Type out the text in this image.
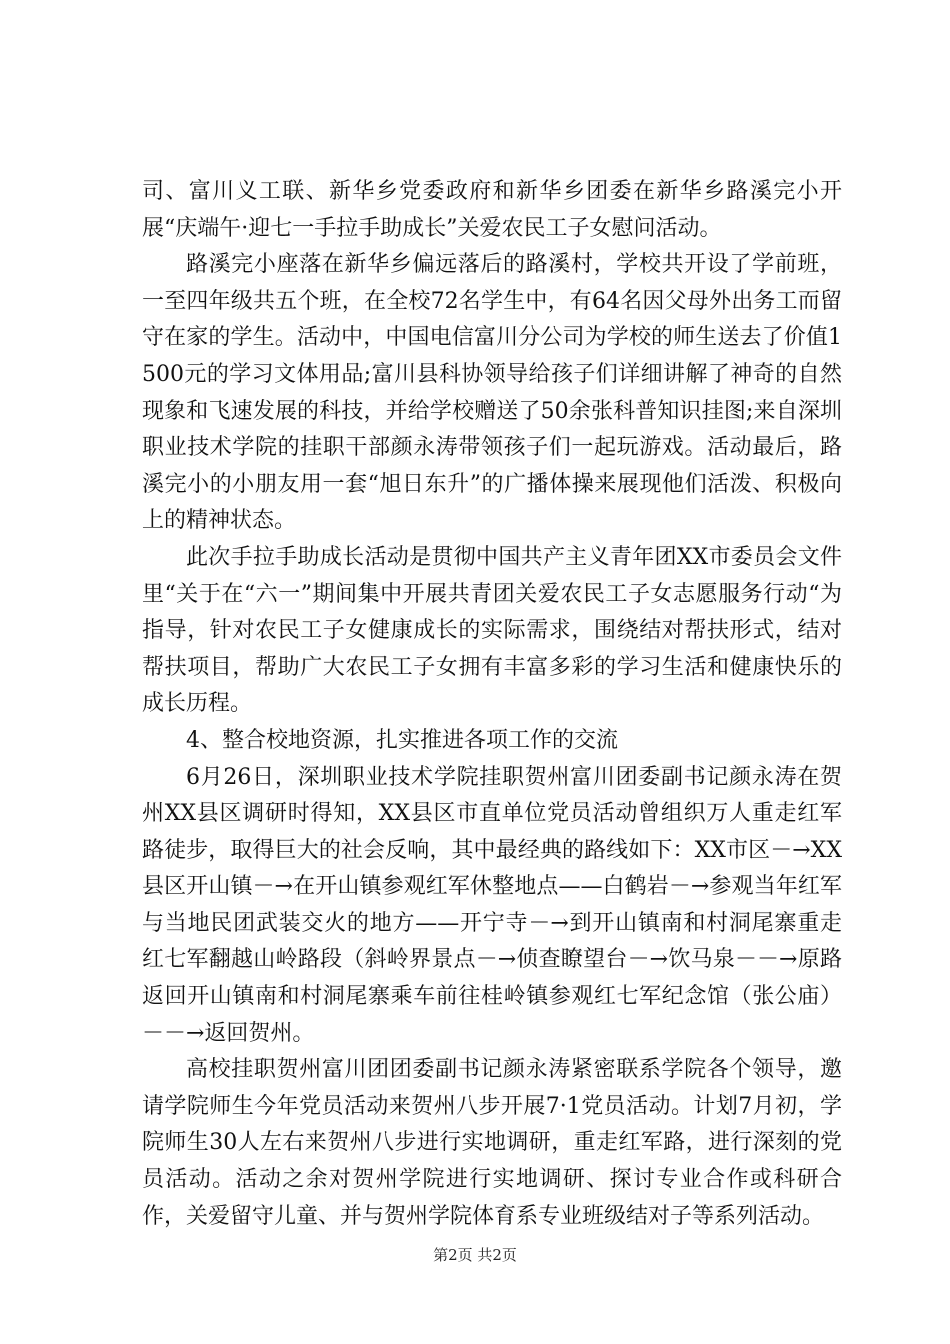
司、富川义工联、新华乡党委政府和新华乡团委在新华乡路溪完小开展“庆端午·迎七一手拉手助成长”关爱农民工子女慰问活动。

路溪完小座落在新华乡偏远落后的路溪村，学校共开设了学前班，一至四年级共五个班，在全校72名学生中，有64名因父母外出务工而留守在家的学生。活动中，中国电信富川分公司为学校的师生送去了价值1500元的学习文体用品;富川县科协领导给孩子们详细讲解了神奇的自然现象和飞速发展的科技，并给学校赠送了50余张科普知识挂图;来自深圳职业技术学院的挂职干部颜永涛带领孩子们一起玩游戏。活动最后，路溪完小的小朋友用一套“旭日东升”的广播体操来展现他们活泼、积极向上的精神状态。

此次手拉手助成长活动是贯彻中国共产主义青年团XX市委员会文件里“关于在“六一”期间集中开展共青团关爱农民工子女志愿服务行动“为指导，针对农民工子女健康成长的实际需求，围绕结对帮扶形式，结对帮扶项目，帮助广大农民工子女拥有丰富多彩的学习生活和健康快乐的成长历程。

4、整合校地资源，扎实推进各项工作的交流

6月26日，深圳职业技术学院挂职贺州富川团委副书记颜永涛在贺州XX县区调研时得知，XX县区市直单位党员活动曾组织万人重走红军路徒步，取得巨大的社会反响，其中最经典的路线如下：XX市区－→XX县区开山镇－→在开山镇参观红军休整地点——白鹤岩－→参观当年红军与当地民团武装交火的地方——开宁寺－→到开山镇南和村洞尾寨重走红七军翻越山岭路段（斜岭界景点－→侦查瞭望台－→饮马泉－－→原路返回开山镇南和村洞尾寨乘车前往桂岭镇参观红七军纪念馆（张公庙）－－→返回贺州。

高校挂职贺州富川团团委副书记颜永涛紧密联系学院各个领导，邀请学院师生今年党员活动来贺州八步开展7·1党员活动。计划7月初，学院师生30人左右来贺州八步进行实地调研，重走红军路，进行深刻的党员活动。活动之余对贺州学院进行实地调研、探讨专业合作或科研合作，关爱留守儿童、并与贺州学院体育系专业班级结对子等系列活动。

第2页 共2页
